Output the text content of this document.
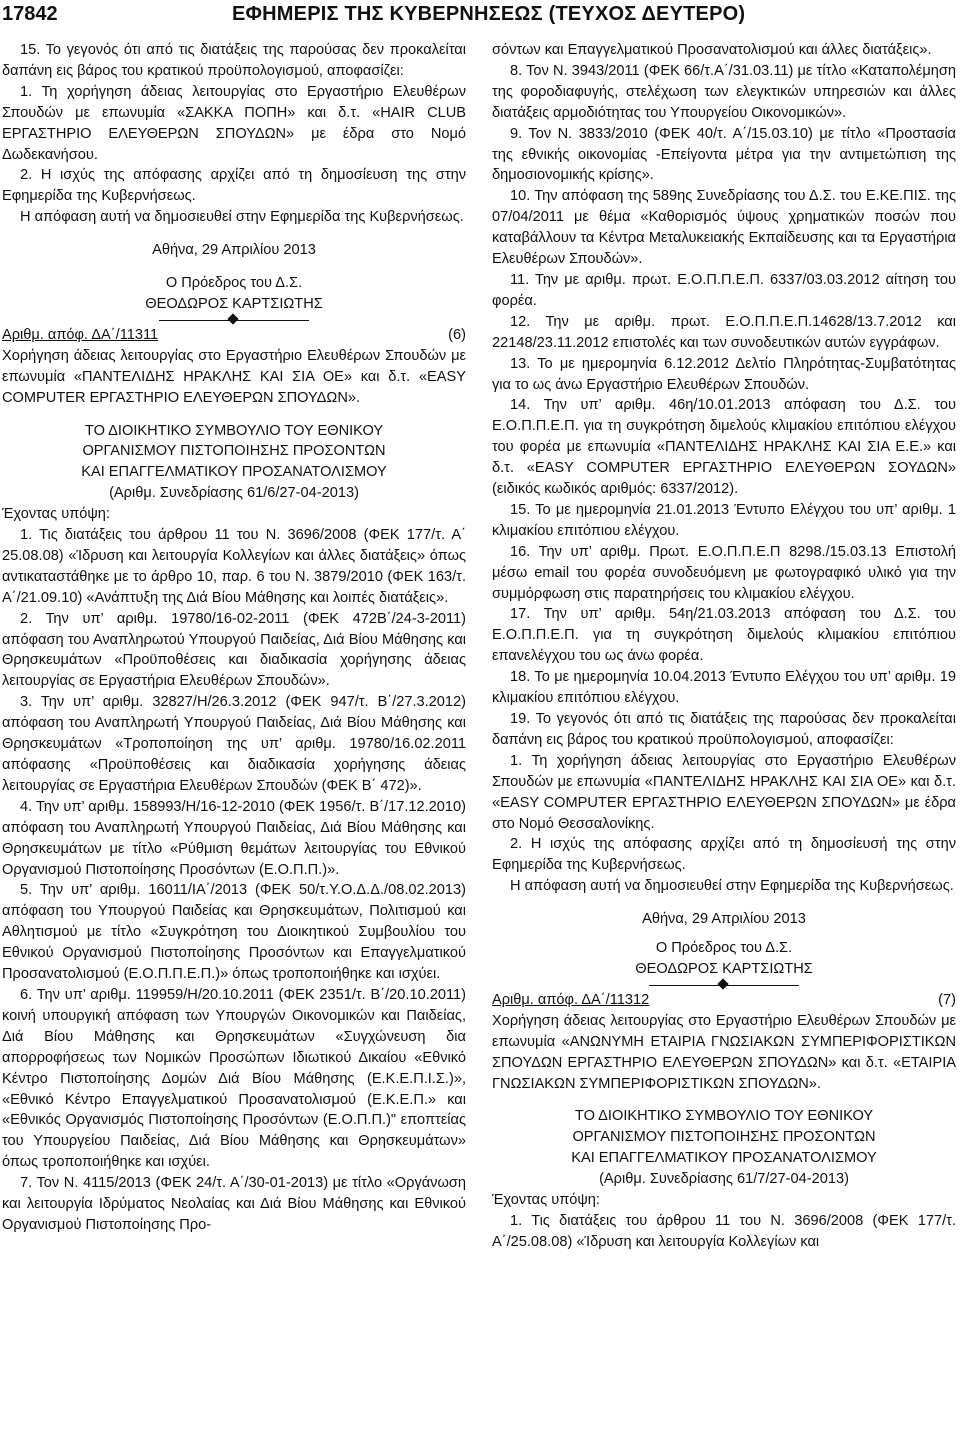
17842	ΕΦΗΜΕΡΙΣ ΤΗΣ ΚΥΒΕΡΝΗΣΕΩΣ (ΤΕΥΧΟΣ ΔΕΥΤΕΡΟ)

15. Το γεγονός ότι από τις διατάξεις της παρούσας δεν προκαλείται δαπάνη εις βάρος του κρατικού προϋπολογισμού, αποφασίζει:

1. Τη χορήγηση άδειας λειτουργίας στο Εργαστήριο Ελευθέρων Σπουδών με επωνυμία «ΣΑΚΚΑ ΠΟΠΗ» και δ.τ. «HAIR CLUB ΕΡΓΑΣΤΗΡΙΟ ΕΛΕΥΘΕΡΩΝ ΣΠΟΥΔΩΝ» με έδρα στο Νομό Δωδεκανήσου.

2. Η ισχύς της απόφασης αρχίζει από τη δημοσίευση της στην Εφημερίδα της Κυβερνήσεως.

Η απόφαση αυτή να δημοσιευθεί στην Εφημερίδα της Κυβερνήσεως.

Αθήνα, 29 Απριλίου 2013

Ο Πρόεδρος του Δ.Σ.

ΘΕΟΔΩΡΟΣ ΚΑΡΤΣΙΩΤΗΣ

Αριθμ. απόφ. ΔΑ΄/11311	(6)

Χορήγηση άδειας λειτουργίας στο Εργαστήριο Ελευθέρων Σπουδών με επωνυμία «ΠΑΝΤΕΛΙΔΗΣ ΗΡΑΚΛΗΣ ΚΑΙ ΣΙΑ ΟΕ» και δ.τ. «EASY COMPUTER ΕΡΓΑΣΤΗΡΙΟ ΕΛΕΥΘΕΡΩΝ ΣΠΟΥΔΩΝ».

ΤΟ ΔΙΟΙΚΗΤΙΚΟ ΣΥΜΒΟΥΛΙΟ ΤΟΥ ΕΘΝΙΚΟΥ

ΟΡΓΑΝΙΣΜΟΥ ΠΙΣΤΟΠΟΙΗΣΗΣ ΠΡΟΣΟΝΤΩΝ

ΚΑΙ ΕΠΑΓΓΕΛΜΑΤΙΚΟΥ ΠΡΟΣΑΝΑΤΟΛΙΣΜΟΥ

(Αριθμ. Συνεδρίασης 61/6/27-04-2013)

Έχοντας υπόψη:

1. Τις διατάξεις του άρθρου 11 του Ν. 3696/2008 (ΦΕΚ 177/τ. Α΄ 25.08.08) «Ίδρυση και λειτουργία Κολλεγίων και άλλες διατάξεις» όπως αντικαταστάθηκε με το άρθρο 10, παρ. 6 του Ν. 3879/2010 (ΦΕΚ 163/τ. Α΄/21.09.10) «Ανάπτυξη της Διά Βίου Μάθησης και λοιπές διατάξεις».

2. Την υπ’ αριθμ. 19780/16-02-2011 (ΦΕΚ 472Β΄/24-3-2011) απόφαση του Αναπληρωτού Υπουργού Παιδείας, Διά Βίου Μάθησης και Θρησκευμάτων «Προϋποθέσεις και διαδικασία χορήγησης άδειας λειτουργίας σε Εργαστήρια Ελευθέρων Σπουδών».

3. Την υπ’ αριθμ. 32827/Η/26.3.2012 (ΦΕΚ 947/τ. Β΄/27.3.2012) απόφαση του Αναπληρωτή Υπουργού Παιδείας, Διά Βίου Μάθησης και Θρησκευμάτων «Τροποποίηση της υπ’ αριθμ. 19780/16.02.2011 απόφασης «Προϋποθέσεις και διαδικασία χορήγησης άδειας λειτουργίας σε Εργαστήρια Ελευθέρων Σπουδών (ΦΕΚ Β΄ 472)».

4. Την υπ’ αριθμ. 158993/Η/16-12-2010 (ΦΕΚ 1956/τ. Β΄/17.12.2010) απόφαση του Αναπληρωτή Υπουργού Παιδείας, Διά Βίου Μάθησης και Θρησκευμάτων με τίτλο «Ρύθμιση θεμάτων λειτουργίας του Εθνικού Οργανισμού Πιστοποίησης Προσόντων (Ε.Ο.Π.Π.)».

5. Την υπ’ αριθμ. 16011/ΙΑ΄/2013 (ΦΕΚ 50/τ.Υ.Ο.Δ.Δ./08.02.2013) απόφαση του Υπουργού Παιδείας και Θρησκευμάτων, Πολιτισμού και Αθλητισμού με τίτλο «Συγκρότηση του Διοικητικού Συμβουλίου του Εθνικού Οργανισμού Πιστοποίησης Προσόντων και Επαγγελματικού Προσανατολισμού (Ε.Ο.Π.Π.Ε.Π.)» όπως τροποποιήθηκε και ισχύει.

6. Την υπ’ αριθμ. 119959/Η/20.10.2011 (ΦΕΚ 2351/τ. Β΄/20.10.2011) κοινή υπουργική απόφαση των Υπουργών Οικονομικών και Παιδείας, Διά Βίου Μάθησης και Θρησκευμάτων «Συγχώνευση δια απορροφήσεως των Νομικών Προσώπων Ιδιωτικού Δικαίου «Εθνικό Κέντρο Πιστοποίησης Δομών Διά Βίου Μάθησης (Ε.Κ.Ε.Π.Ι.Σ.)», «Εθνικό Κέντρο Επαγγελματικού Προσανατολισμού (Ε.Κ.Ε.Π.» και «Εθνικός Οργανισμός Πιστοποίησης Προσόντων (Ε.Ο.Π.Π.)" εποπτείας του Υπουργείου Παιδείας, Διά Βίου Μάθησης και Θρησκευμάτων» όπως τροποποιήθηκε και ισχύει.

7. Τον Ν. 4115/2013 (ΦΕΚ 24/τ. Α΄/30-01-2013) με τίτλο «Οργάνωση και λειτουργία Ιδρύματος Νεολαίας και Διά Βίου Μάθησης και Εθνικού Οργανισμού Πιστοποίησης Προ-

σόντων και Επαγγελματικού Προσανατολισμού και άλλες διατάξεις».

8. Τον Ν. 3943/2011 (ΦΕΚ 66/τ.Α΄/31.03.11) με τίτλο «Καταπολέμηση της φοροδιαφυγής, στελέχωση των ελεγκτικών υπηρεσιών και άλλες διατάξεις αρμοδιότητας του Υπουργείου Οικονομικών».

9. Τον Ν. 3833/2010 (ΦΕΚ 40/τ. Α΄/15.03.10) με τίτλο «Προστασία της εθνικής οικονομίας -Επείγοντα μέτρα για την αντιμετώπιση της δημοσιονομικής κρίσης».

10. Την απόφαση της 589ης Συνεδρίασης του Δ.Σ. του Ε.ΚΕ.ΠΙΣ. της 07/04/2011 με θέμα «Καθορισμός ύψους χρηματικών ποσών που καταβάλλουν τα Κέντρα Μεταλυκειακής Εκπαίδευσης και τα Εργαστήρια Ελευθέρων Σπουδών».

11. Την με αριθμ. πρωτ. Ε.Ο.Π.Π.Ε.Π. 6337/03.03.2012 αίτηση του φορέα.

12. Την με αριθμ. πρωτ. Ε.Ο.Π.Π.Ε.Π.14628/13.7.2012 και 22148/23.11.2012 επιστολές και των συνοδευτικών αυτών εγγράφων.

13. Το με ημερομηνία 6.12.2012 Δελτίο Πληρότητας-Συμβατότητας για το ως άνω Εργαστήριο Ελευθέρων Σπουδών.

14. Την υπ’ αριθμ. 46η/10.01.2013 απόφαση του Δ.Σ. του Ε.Ο.Π.Π.Ε.Π. για τη συγκρότηση διμελούς κλιμακίου επιτόπιου ελέγχου του φορέα με επωνυμία «ΠΑΝΤΕΛΙΔΗΣ ΗΡΑΚΛΗΣ ΚΑΙ ΣΙΑ Ε.Ε.» και δ.τ. «EASY COMPUTER ΕΡΓΑΣΤΗΡΙΟ ΕΛΕΥΘΕΡΩΝ ΣΟΥΔΩΝ» (ειδικός κωδικός αριθμός: 6337/2012).

15. Το με ημερομηνία 21.01.2013 Έντυπο Ελέγχου του υπ’ αριθμ. 1 κλιμακίου επιτόπιου ελέγχου.

16. Την υπ’ αριθμ. Πρωτ. Ε.Ο.Π.Π.Ε.Π 8298./15.03.13 Επιστολή μέσω email του φορέα συνοδευόμενη με φωτογραφικό υλικό για την συμμόρφωση στις παρατηρήσεις του κλιμακίου ελέγχου.

17. Την υπ’ αριθμ. 54η/21.03.2013 απόφαση του Δ.Σ. του Ε.Ο.Π.Π.Ε.Π. για τη συγκρότηση διμελούς κλιμακίου επιτόπιου επανελέγχου του ως άνω φορέα.

18. Το με ημερομηνία 10.04.2013 Έντυπο Ελέγχου του υπ’ αριθμ. 19 κλιμακίου επιτόπιου ελέγχου.

19. Το γεγονός ότι από τις διατάξεις της παρούσας δεν προκαλείται δαπάνη εις βάρος του κρατικού προϋπολογισμού, αποφασίζει:

1. Τη χορήγηση άδειας λειτουργίας στο Εργαστήριο Ελευθέρων Σπουδών με επωνυμία «ΠΑΝΤΕΛΙΔΗΣ ΗΡΑΚΛΗΣ ΚΑΙ ΣΙΑ ΟΕ» και δ.τ. «EASY COMPUTER ΕΡΓΑΣΤΗΡΙΟ ΕΛΕΥΘΕΡΩΝ ΣΠΟΥΔΩΝ» με έδρα στο Νομό Θεσσαλονίκης.

2. Η ισχύς της απόφασης αρχίζει από τη δημοσίευσή της στην Εφημερίδα της Κυβερνήσεως.

Η απόφαση αυτή να δημοσιευθεί στην Εφημερίδα της Κυβερνήσεως.

Αθήνα, 29 Απριλίου 2013

Ο Πρόεδρος του Δ.Σ.

ΘΕΟΔΩΡΟΣ ΚΑΡΤΣΙΩΤΗΣ

Αριθμ. απόφ. ΔΑ΄/11312	(7)

Χορήγηση άδειας λειτουργίας στο Εργαστήριο Ελευθέρων Σπουδών με επωνυμία «ΑΝΩΝΥΜΗ ΕΤΑΙΡΙΑ ΓΝΩΣΙΑΚΩΝ ΣΥΜΠΕΡΙΦΟΡΙΣΤΙΚΩΝ ΣΠΟΥΔΩΝ ΕΡΓΑΣΤΗΡΙΟ ΕΛΕΥΘΕΡΩΝ ΣΠΟΥΔΩΝ» και δ.τ. «ΕΤΑΙΡΙΑ ΓΝΩΣΙΑΚΩΝ ΣΥΜΠΕΡΙΦΟΡΙΣΤΙΚΩΝ ΣΠΟΥΔΩΝ».

ΤΟ ΔΙΟΙΚΗΤΙΚΟ ΣΥΜΒΟΥΛΙΟ ΤΟΥ ΕΘΝΙΚΟΥ

ΟΡΓΑΝΙΣΜΟΥ ΠΙΣΤΟΠΟΙΗΣΗΣ ΠΡΟΣΟΝΤΩΝ

ΚΑΙ ΕΠΑΓΓΕΛΜΑΤΙΚΟΥ ΠΡΟΣΑΝΑΤΟΛΙΣΜΟΥ

(Αριθμ. Συνεδρίασης 61/7/27-04-2013)

Έχοντας υπόψη:

1. Τις διατάξεις του άρθρου 11 του Ν. 3696/2008 (ΦΕΚ 177/τ. Α΄/25.08.08) «Ίδρυση και λειτουργία Κολλεγίων και
